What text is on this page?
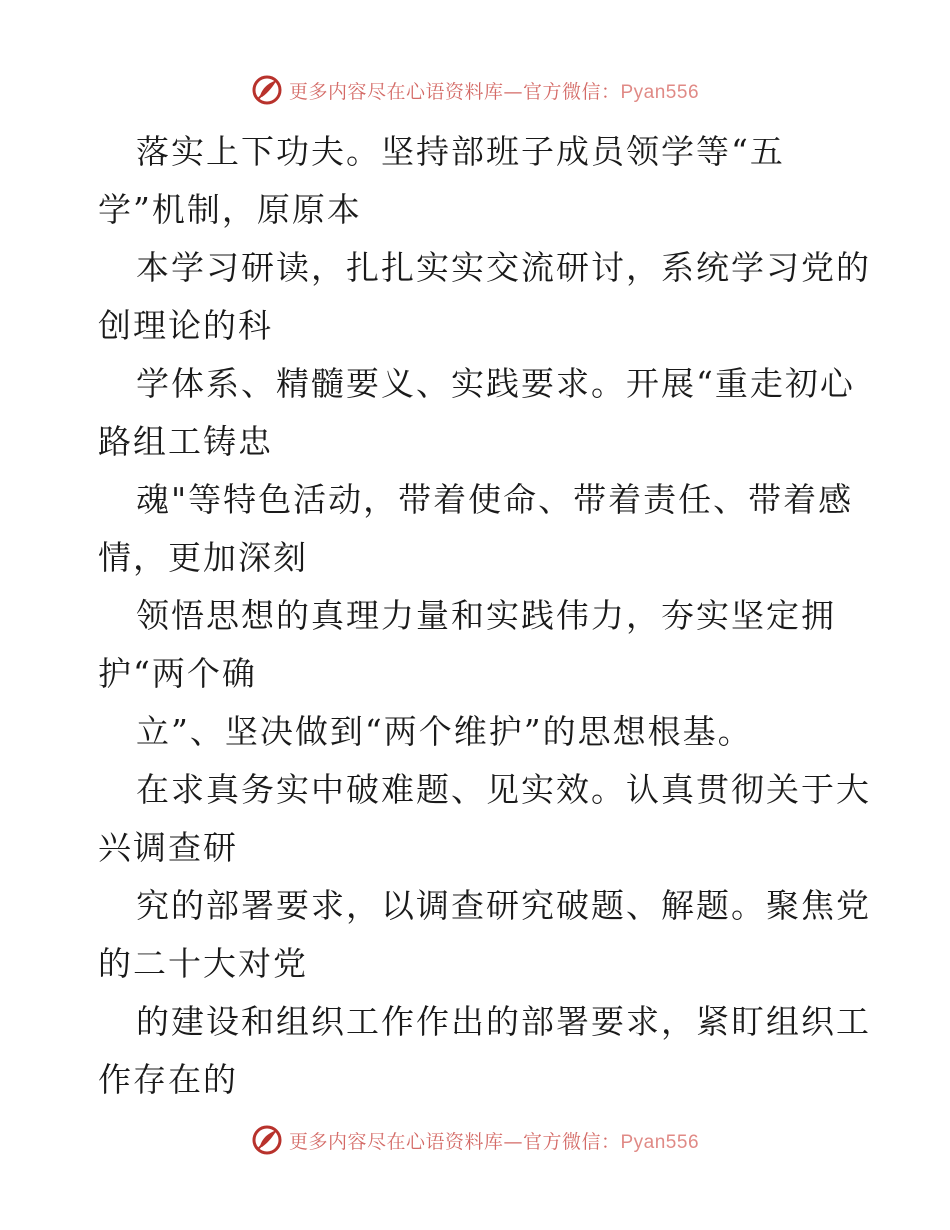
更多内容尽在心语资料库—官方微信：Pyan556
落实上下功夫。坚持部班子成员领学等“五
学”机制，原原本
本学习研读，扎扎实实交流研讨，系统学习党的
创理论的科
学体系、精髓要义、实践要求。开展“重走初心
路组工铸忠
魂"等特色活动，带着使命、带着责任、带着感
情，更加深刻
领悟思想的真理力量和实践伟力，夯实坚定拥
护“两个确
立”、坚决做到“两个维护”的思想根基。
在求真务实中破难题、见实效。认真贯彻关于大
兴调查研
究的部署要求，以调查研究破题、解题。聚焦党
的二十大对党
的建设和组织工作作出的部署要求，紧盯组织工
作存在的
更多内容尽在心语资料库—官方微信：Pyan556
